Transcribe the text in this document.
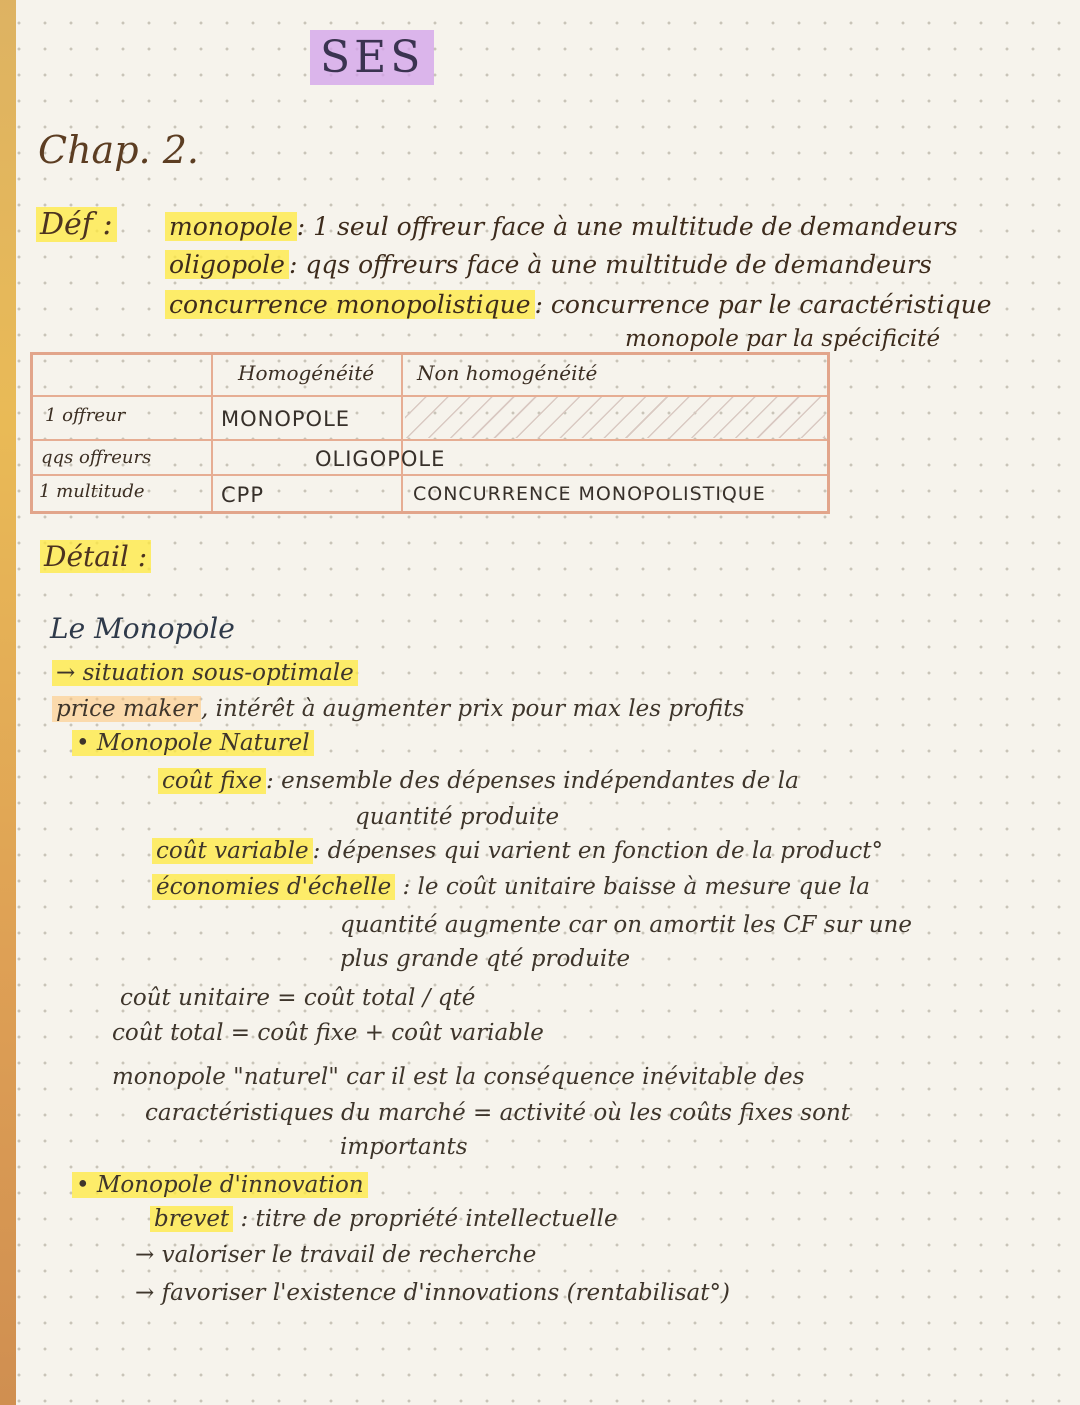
SES
Chap. 2.
Déf : monopole : 1 seul offreur face à une multitude de demandeurs
oligopole : qqs offreurs face à une multitude de demandeurs
concurrence monopolistique : concurrence par le caractéristique
monopole par la spécificité
Homogénéité Non homogénéité
1 offreur
qqs offreurs
1 multitude
MONOPOLE
OLIGOPOLE
CPP	CONCURRENCE MONOPOLISTIQUE
Détail :
Le Monopole
→ situation sous-optimale
price maker , intérêt à augmenter prix pour max les profits
• Monopole Naturel
coût fixe : ensemble des dépenses indépendantes de la
quantité produite
coût variable : dépenses qui varient en fonction de la product°
économies d'échelle : le coût unitaire baisse à mesure que la
quantité augmente car on amortit les CF sur une
plus grande qté produite
coût unitaire = coût total / qté
coût total = coût fixe + coût variable
monopole "naturel" car il est la conséquence inévitable des
caractéristiques du marché = activité où les coûts fixes sont
importants
• Monopole d'innovation
brevet : titre de propriété intellectuelle
→ valoriser le travail de recherche
→ favoriser l'existence d'innovations (rentabilisat°)
